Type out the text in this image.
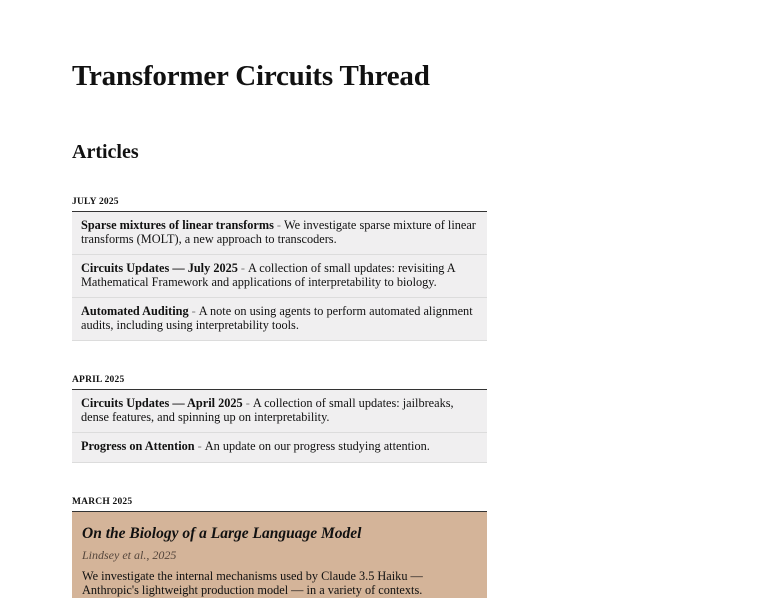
Transformer Circuits Thread
Articles
JULY 2025
Sparse mixtures of linear transforms - We investigate sparse mixture of linear transforms (MOLT), a new approach to transcoders.
Circuits Updates — July 2025 - A collection of small updates: revisiting A Mathematical Framework and applications of interpretability to biology.
Automated Auditing - A note on using agents to perform automated alignment audits, including using interpretability tools.
APRIL 2025
Circuits Updates — April 2025 - A collection of small updates: jailbreaks, dense features, and spinning up on interpretability.
Progress on Attention - An update on our progress studying attention.
MARCH 2025
On the Biology of a Large Language Model
Lindsey et al., 2025
We investigate the internal mechanisms used by Claude 3.5 Haiku — Anthropic's lightweight production model — in a variety of contexts.
